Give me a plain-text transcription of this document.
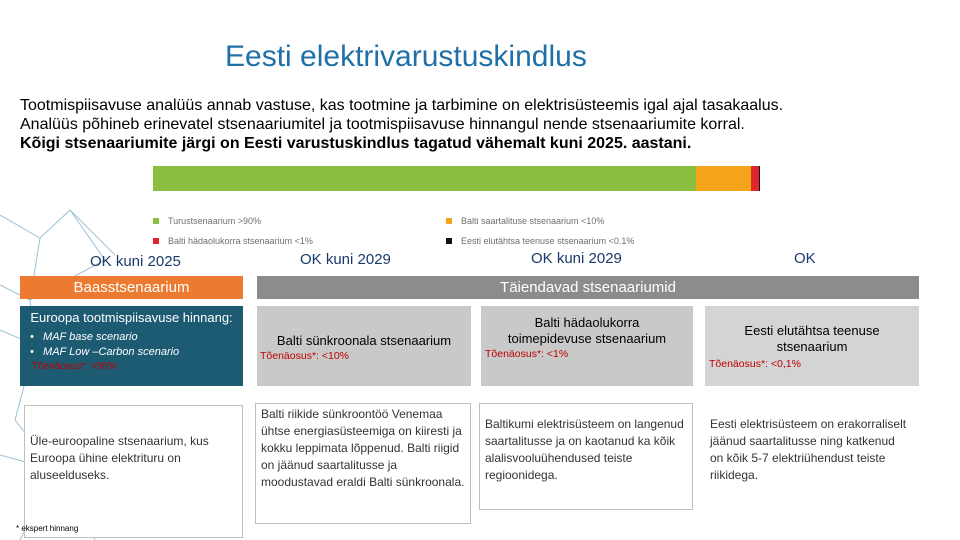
Eesti elektrivarustuskindlus
Tootmispiisavuse analüüs annab vastuse, kas tootmine ja tarbimine on elektrisüsteemis igal ajal tasakaalus.
Analüüs põhineb erinevatel stsenaariumitel ja tootmispiisavuse hinnangul nende stsenaariumite korral.
Kõigi stsenaariumite järgi on Eesti varustuskindlus tagatud vähemalt kuni 2025. aastani.
Turustsenaarium >90%	Balti saartalituse stsenaarium <10%
Balti hädaolukorra stsenaarium <1%	Eesti elutähtsa teenuse stsenaarium <0.1%
OK kuni 2025	OK kuni 2029	OK kuni 2029	OK
Baasstsenaarium	Täiendavad stsenaariumid
Euroopa tootmispiisavuse hinnang:
•   MAF base scenario
•   MAF Low –Carbon scenario
Tõenäosus*: >90%
Balti sünkroonala stsenaarium
Tõenäosus*: <10%
Balti hädaolukorra toimepidevuse stsenaarium
Tõenäosus*: <1%
Eesti elutähtsa teenuse stsenaarium
Tõenäosus*: <0,1%
Üle-euroopaline stsenaarium, kus Euroopa ühine elektrituru on aluseelduseks.
Balti riikide sünkroontöö Venemaa ühtse energiasüsteemiga on kiiresti ja kokku leppimata lõppenud. Balti riigid on jäänud saartalitusse ja moodustavad eraldi Balti sünkroonala.
Baltikumi elektrisüsteem on langenud saartalitusse ja on kaotanud ka kõik alalisvooluühendused teiste regioonidega.
Eesti elektrisüsteem on erakorraliselt jäänud saartalitusse ning katkenud on kõik 5-7 elektriühendust teiste riikidega.
* ekspert hinnang
